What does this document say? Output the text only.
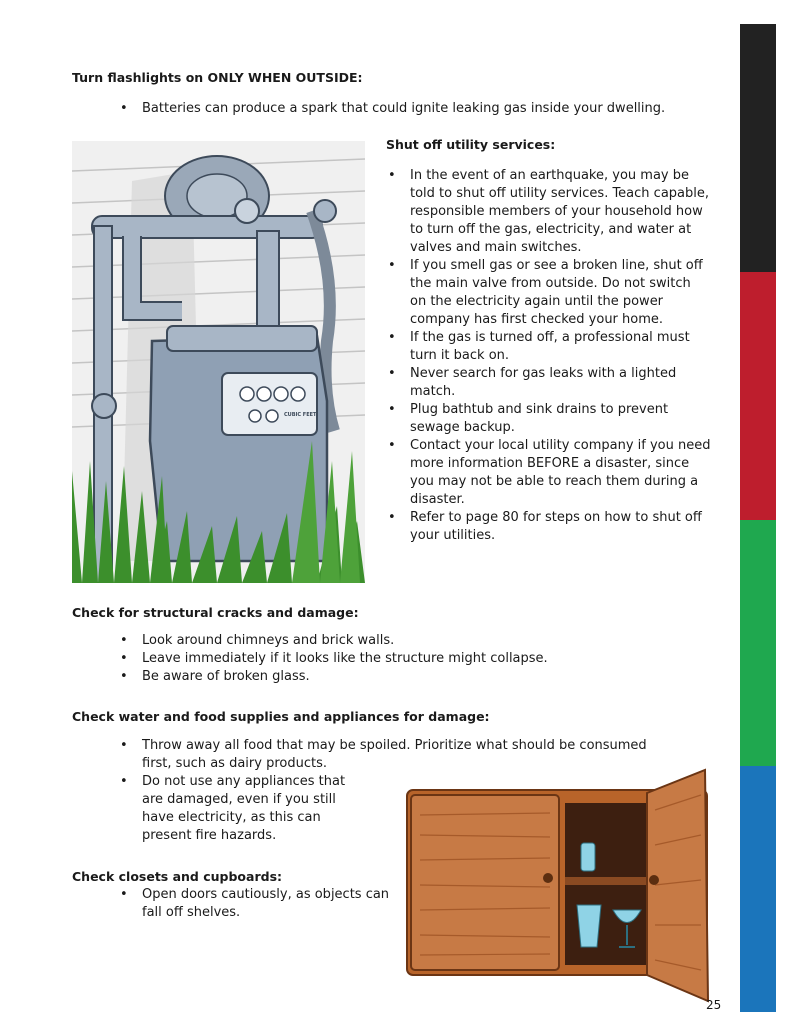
CUBIC FEET
Turn flashlights on ONLY WHEN OUTSIDE:
• Batteries can produce a spark that could ignite leaking gas inside your dwelling.
Shut off utility services:
• In the event of an earthquake, you may be told to shut off utility services. Teach capable, responsible members of your household how to turn off the gas, electricity, and water at valves and main switches.
• If you smell gas or see a broken line, shut off the main valve from outside. Do not switch on the electricity again until the power company has first checked your home.
• If the gas is turned off, a professional must turn it back on.
• Never search for gas leaks with a lighted match.
• Plug bathtub and sink drains to prevent sewage backup.
• Contact your local utility company if you need more information BEFORE a disaster, since you may not be able to reach them during a disaster.
• Refer to page 80 for steps on how to shut off your utilities.
Check for structural cracks and damage:
• Look around chimneys and brick walls.
• Leave immediately if it looks like the structure might collapse.
• Be aware of broken glass.
Check water and food supplies and appliances for damage:
• Throw away all food that may be spoiled. Prioritize what should be consumed first, such as dairy products.
• Do not use any appliances that are damaged, even if you still have electricity, as this can present fire hazards.
Check closets and cupboards:
• Open doors cautiously, as objects can fall off shelves.
25
